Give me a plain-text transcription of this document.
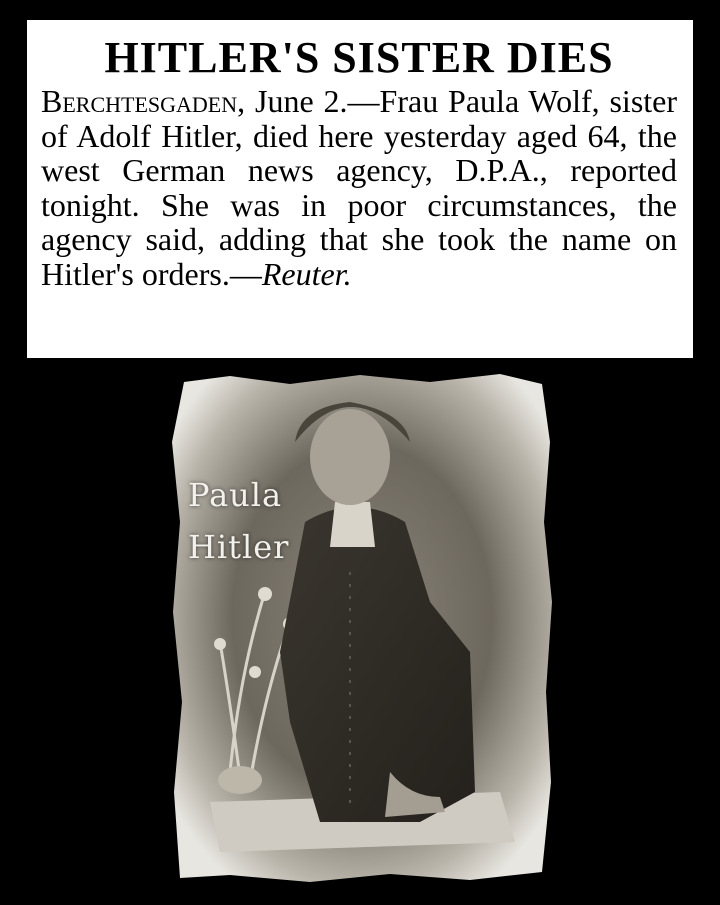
HITLER'S SISTER DIES

Berchtesgaden, June 2.—Frau Paula Wolf, sister of Adolf Hitler, died here yesterday aged 64, the west German news agency, D.P.A., reported tonight. She was in poor circumstances, the agency said, adding that she took the name on Hitler's orders.—Reuter.

Paula
Hitler
